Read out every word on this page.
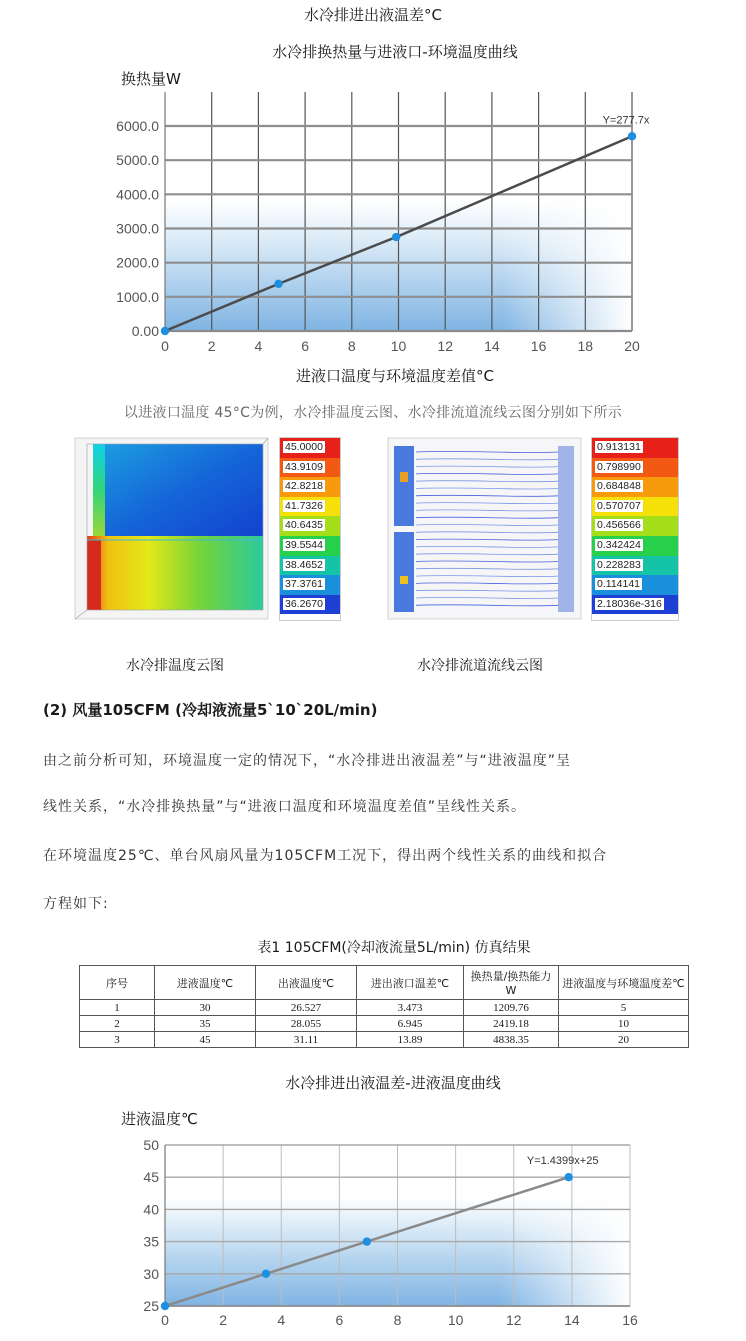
水冷排进出液温差°C
水冷排换热量与进液口-环境温度曲线
换热量W
0	2	4	6	8	10 12 14 16 18 20
0.00
1000.0
2000.0
3000.0
4000.0
5000.0
6000.0	Y=277.7x
进液口温度与环境温度差值°C
以进液口温度 45°C为例，水冷排温度云图、水冷排流道流线云图分别如下所示
45.0000
43.9109
42.8218
41.7326
40.6435
39.5544
38.4652
37.3761
36.2670
0.913131
0.798990
0.684848
0.570707
0.456566
0.342424
0.228283
0.114141
2.18036e-316
水冷排温度云图	水冷排流道流线云图
(2) 风量105CFM (冷却液流量5`10`20L/min)
由之前分析可知，环境温度一定的情况下，“水冷排进出液温差”与“进液温度”呈
线性关系，“水冷排换热量”与“进液口温度和环境温度差值”呈线性关系。
在环境温度25℃、单台风扇风量为105CFM工况下，得出两个线性关系的曲线和拟合
方程如下:
表1 105CFM(冷却液流量5L/min) 仿真结果
序号	进液温度℃	出液温度℃	进出液口温差℃	换热量/换热能力 W	进液温度与环境温度差℃
1	30	26.527	3.473	1209.76	5
2	35	28.055	6.945	2419.18	10
3	45	31.11	13.89	4838.35	20
水冷排进出液温差-进液温度曲线
进液温度℃
0	2	4	6	8	10	12	14	16
25
30
35
40
45
50
Y=1.4399x+25
